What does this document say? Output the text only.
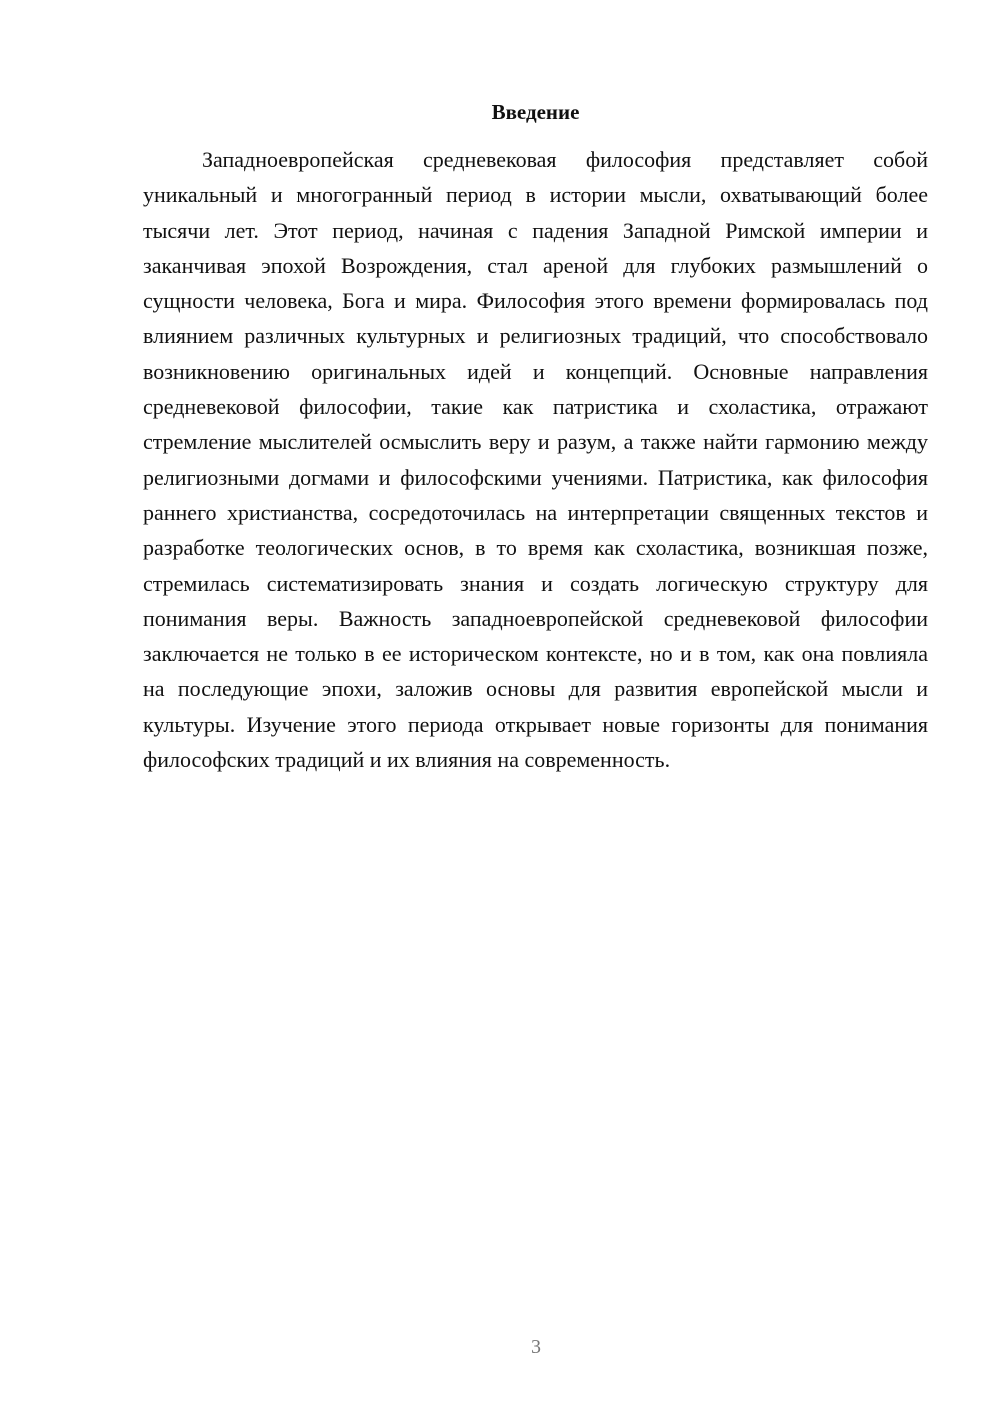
Введение

Западноевропейская средневековая философия представляет собой уникальный и многогранный период в истории мысли, охватывающий более тысячи лет. Этот период, начиная с падения Западной Римской империи и заканчивая эпохой Возрождения, стал ареной для глубоких размышлений о сущности человека, Бога и мира. Философия этого времени формировалась под влиянием различных культурных и религиозных традиций, что способствовало возникновению оригинальных идей и концепций. Основные направления средневековой философии, такие как патристика и схоластика, отражают стремление мыслителей осмыслить веру и разум, а также найти гармонию между религиозными догмами и философскими учениями. Патристика, как философия раннего христианства, сосредоточилась на интерпретации священных текстов и разработке теологических основ, в то время как схоластика, возникшая позже, стремилась систематизировать знания и создать логическую структуру для понимания веры. Важность западноевропейской средневековой философии заключается не только в ее историческом контексте, но и в том, как она повлияла на последующие эпохи, заложив основы для развития европейской мысли и культуры. Изучение этого периода открывает новые горизонты для понимания философских традиций и их влияния на современность.

3
